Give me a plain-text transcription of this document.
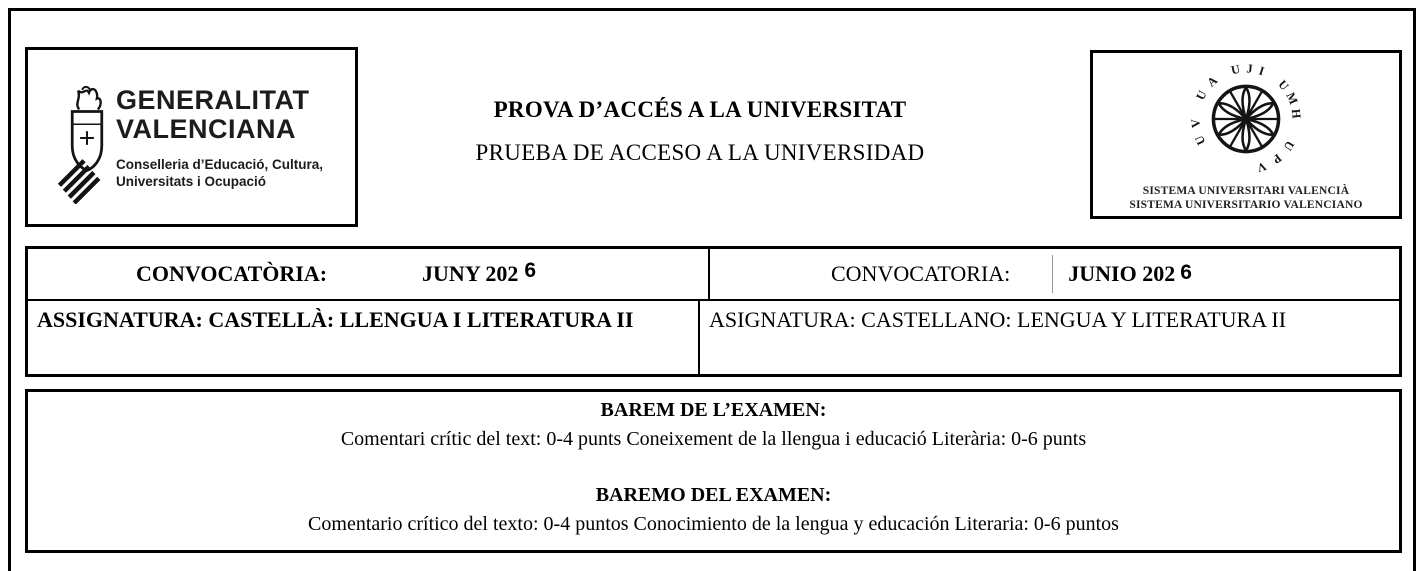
GENERALITAT
VALENCIANA
Conselleria d’Educació, Cultura,
Universitats i Ocupació
PROVA D’ACCÉS A LA UNIVERSITAT
PRUEBA DE ACCESO A LA UNIVERSIDAD	U
V
U
A
U J I
U
M
H
U
P
V
SISTEMA UNIVERSITARI VALENCIÀ
SISTEMA UNIVERSITARIO VALENCIANO
CONVOCATÒRIA:	JUNY 202 6	CONVOCATORIA:	JUNIO 202 6
ASSIGNATURA: CASTELLÀ: LLENGUA I LITERATURA II	ASIGNATURA: CASTELLANO: LENGUA Y LITERATURA II
BAREM DE L’EXAMEN:
Comentari crític del text: 0-4 punts Coneixement de la llengua i educació Literària: 0-6 punts
BAREMO DEL EXAMEN:
Comentario crítico del texto: 0-4 puntos Conocimiento de la lengua y educación Literaria: 0-6 puntos
